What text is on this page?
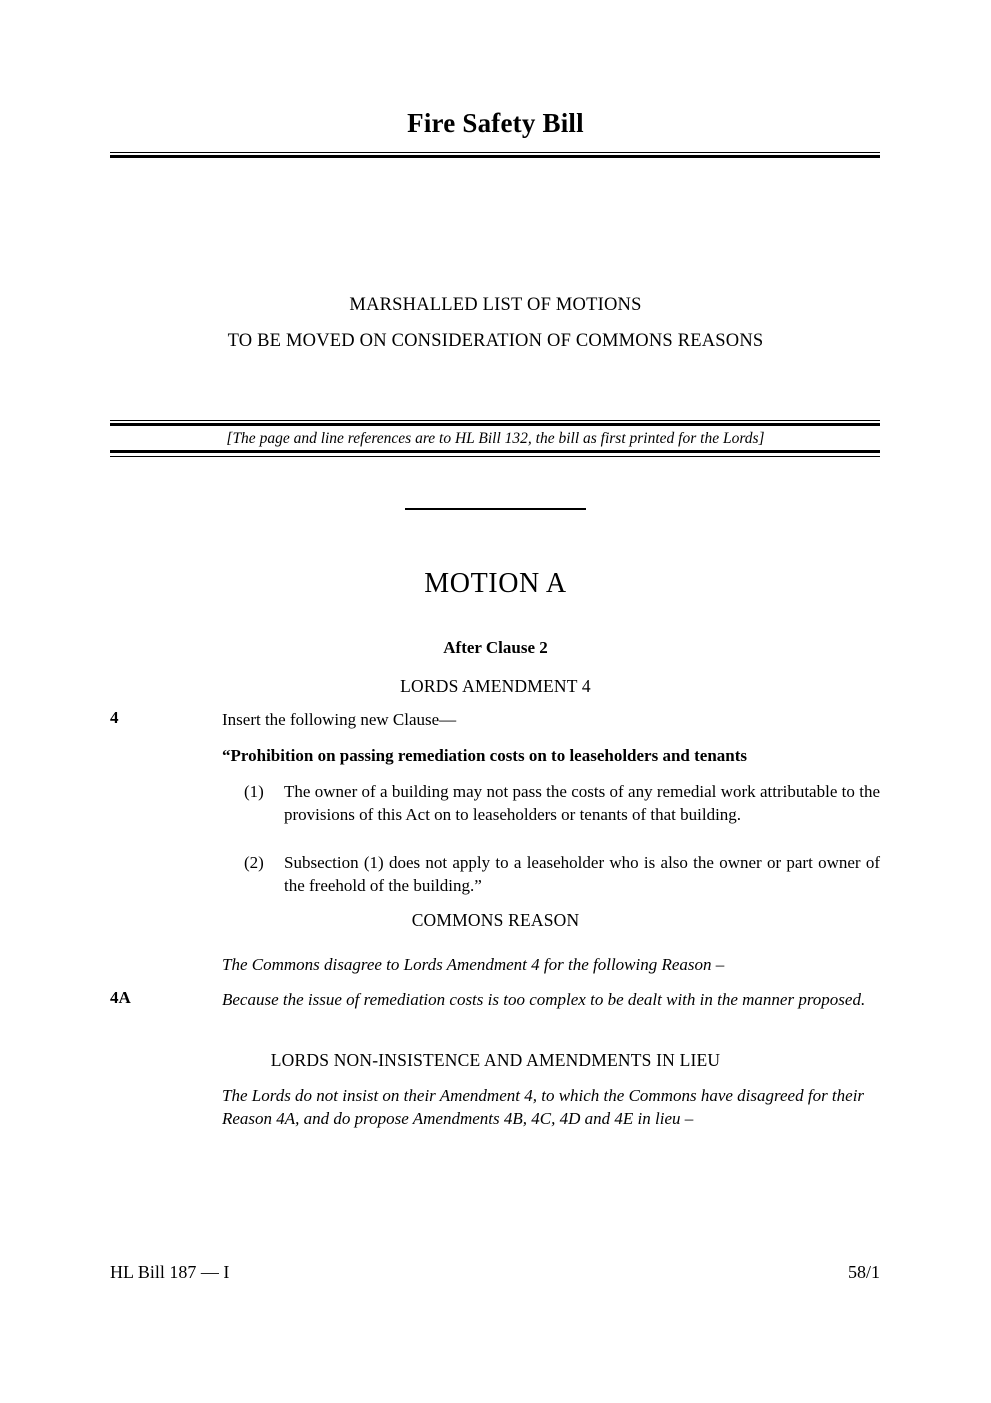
Fire Safety Bill
MARSHALLED LIST OF MOTIONS
TO BE MOVED ON CONSIDERATION OF COMMONS REASONS
[The page and line references are to HL Bill 132, the bill as first printed for the Lords]
MOTION A
After Clause 2
LORDS AMENDMENT 4
4	Insert the following new Clause—
“Prohibition on passing remediation costs on to leaseholders and tenants
(1)	The owner of a building may not pass the costs of any remedial work attributable to the provisions of this Act on to leaseholders or tenants of that building.
(2)	Subsection (1) does not apply to a leaseholder who is also the owner or part owner of the freehold of the building.”
COMMONS REASON
The Commons disagree to Lords Amendment 4 for the following Reason –
4A	Because the issue of remediation costs is too complex to be dealt with in the manner proposed.
LORDS NON-INSISTENCE AND AMENDMENTS IN LIEU
The Lords do not insist on their Amendment 4, to which the Commons have disagreed for their Reason 4A, and do propose Amendments 4B, 4C, 4D and 4E in lieu –
HL Bill 187 — I	58/1
